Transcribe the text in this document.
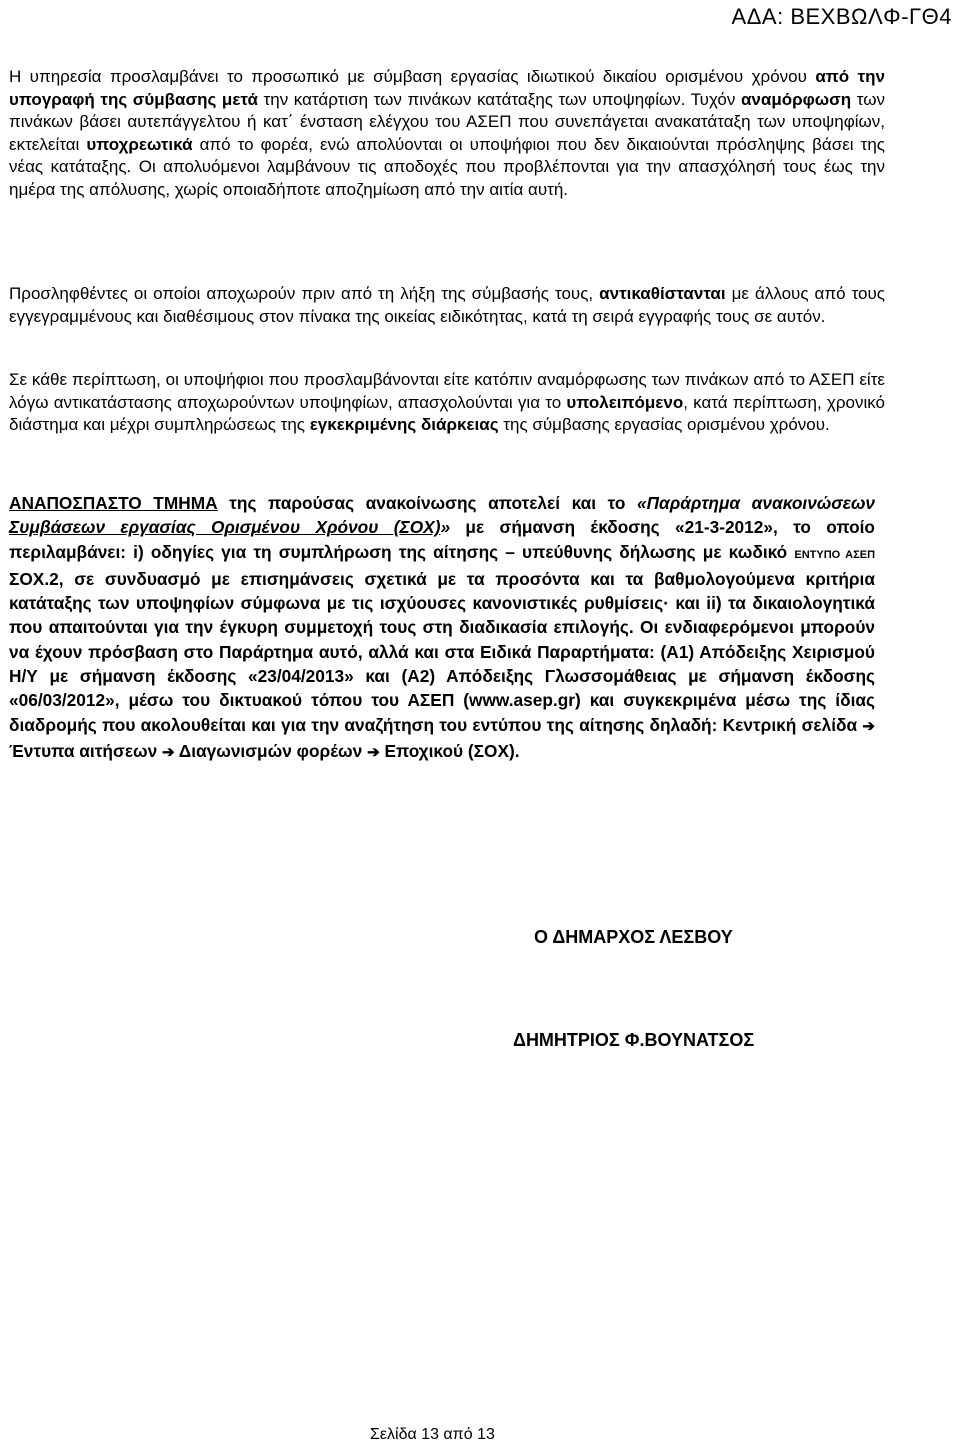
ΑΔΑ: ΒΕΧΒΩΛΦ-ΓΘ4

Η υπηρεσία προσλαμβάνει το προσωπικό με σύμβαση εργασίας ιδιωτικού δικαίου ορισμένου χρόνου από την υπογραφή της σύμβασης μετά την κατάρτιση των πινάκων κατάταξης των υποψηφίων. Τυχόν αναμόρφωση των πινάκων βάσει αυτεπάγγελτου ή κατ΄ ένσταση ελέγχου του ΑΣΕΠ που συνεπάγεται ανακατάταξη των υποψηφίων, εκτελείται υποχρεωτικά από το φορέα, ενώ απολύονται οι υποψήφιοι που δεν δικαιούνται πρόσληψης βάσει της νέας κατάταξης. Οι απολυόμενοι λαμβάνουν τις αποδοχές που προβλέπονται για την απασχόλησή τους έως την ημέρα της απόλυσης, χωρίς οποιαδήποτε αποζημίωση από την αιτία αυτή.

Προσληφθέντες οι οποίοι αποχωρούν πριν από τη λήξη της σύμβασής τους, αντικαθίστανται με άλλους από τους εγγεγραμμένους και διαθέσιμους στον πίνακα της οικείας ειδικότητας, κατά τη σειρά εγγραφής τους σε αυτόν.

Σε κάθε περίπτωση, οι υποψήφιοι που προσλαμβάνονται είτε κατόπιν αναμόρφωσης των πινάκων από το ΑΣΕΠ είτε λόγω αντικατάστασης αποχωρούντων υποψηφίων, απασχολούνται για το υπολειπόμενο, κατά περίπτωση, χρονικό διάστημα και μέχρι συμπληρώσεως της εγκεκριμένης διάρκειας της σύμβασης εργασίας ορισμένου χρόνου.

ΑΝΑΠΟΣΠΑΣΤΟ ΤΜΗΜΑ της παρούσας ανακοίνωσης αποτελεί και το «Παράρτημα ανακοινώσεων Συμβάσεων εργασίας Ορισμένου Χρόνου (ΣΟΧ)» με σήμανση έκδοσης «21-3-2012», το οποίο περιλαμβάνει: i) οδηγίες για τη συμπλήρωση της αίτησης – υπεύθυνης δήλωσης με κωδικό ΕΝΤΥΠΟ ΑΣΕΠ ΣΟΧ.2, σε συνδυασμό με επισημάνσεις σχετικά με τα προσόντα και τα βαθμολογούμενα κριτήρια κατάταξης των υποψηφίων σύμφωνα με τις ισχύουσες κανονιστικές ρυθμίσεις· και ii) τα δικαιολογητικά που απαιτούνται για την έγκυρη συμμετοχή τους στη διαδικασία επιλογής. Οι ενδιαφερόμενοι μπορούν να έχουν πρόσβαση στο Παράρτημα αυτό, αλλά και στα Ειδικά Παραρτήματα: (Α1) Απόδειξης Χειρισμού Η/Υ με σήμανση έκδοσης «23/04/2013» και (Α2) Απόδειξης Γλωσσομάθειας με σήμανση έκδοσης «06/03/2012», μέσω του δικτυακού τόπου του ΑΣΕΠ (www.asep.gr) και συγκεκριμένα μέσω της ίδιας διαδρομής που ακολουθείται και για την αναζήτηση του εντύπου της αίτησης δηλαδή: Κεντρική σελίδα ➔ Έντυπα αιτήσεων ➔ Διαγωνισμών φορέων ➔ Εποχικού (ΣΟΧ).

Ο ΔΗΜΑΡΧΟΣ ΛΕΣΒΟΥ
ΔΗΜΗΤΡΙΟΣ Φ.ΒΟΥΝΑΤΣΟΣ
Σελίδα 13 από 13
